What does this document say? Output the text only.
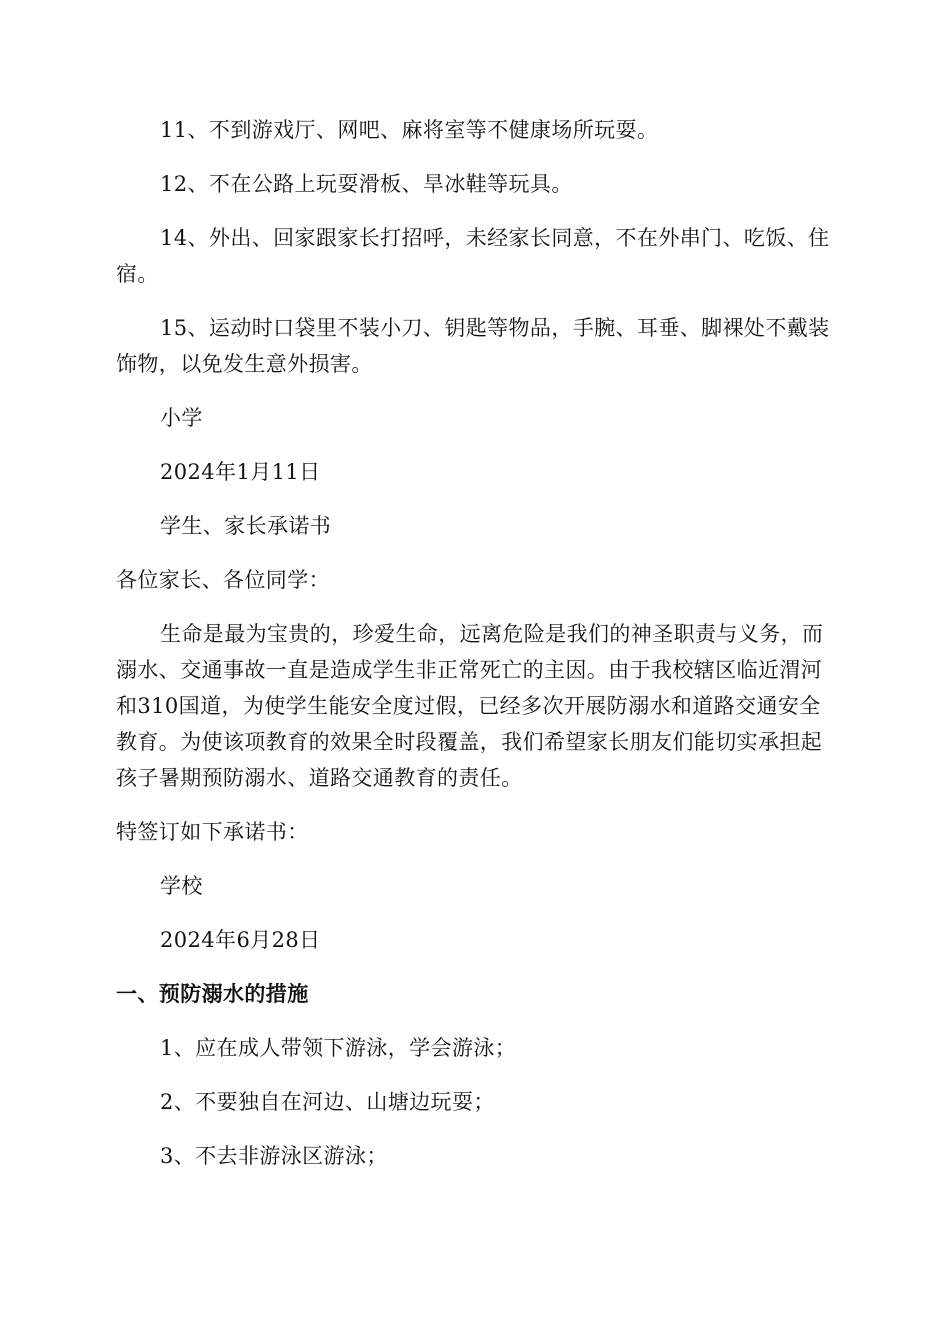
11、不到游戏厅、网吧、麻将室等不健康场所玩耍。

12、不在公路上玩耍滑板、旱冰鞋等玩具。

14、外出、回家跟家长打招呼，未经家长同意，不在外串门、吃饭、住宿。

15、运动时口袋里不装小刀、钥匙等物品，手腕、耳垂、脚裸处不戴装饰物，以免发生意外损害。

小学

2024年1月11日

学生、家长承诺书

各位家长、各位同学：

生命是最为宝贵的，珍爱生命，远离危险是我们的神圣职责与义务，而溺水、交通事故一直是造成学生非正常死亡的主因。由于我校辖区临近渭河和310国道，为使学生能安全度过假，已经多次开展防溺水和道路交通安全教育。为使该项教育的效果全时段覆盖，我们希望家长朋友们能切实承担起孩子暑期预防溺水、道路交通教育的责任。

特签订如下承诺书：

学校

2024年6月28日

一、预防溺水的措施

1、应在成人带领下游泳，学会游泳；

2、不要独自在河边、山塘边玩耍；

3、不去非游泳区游泳；
